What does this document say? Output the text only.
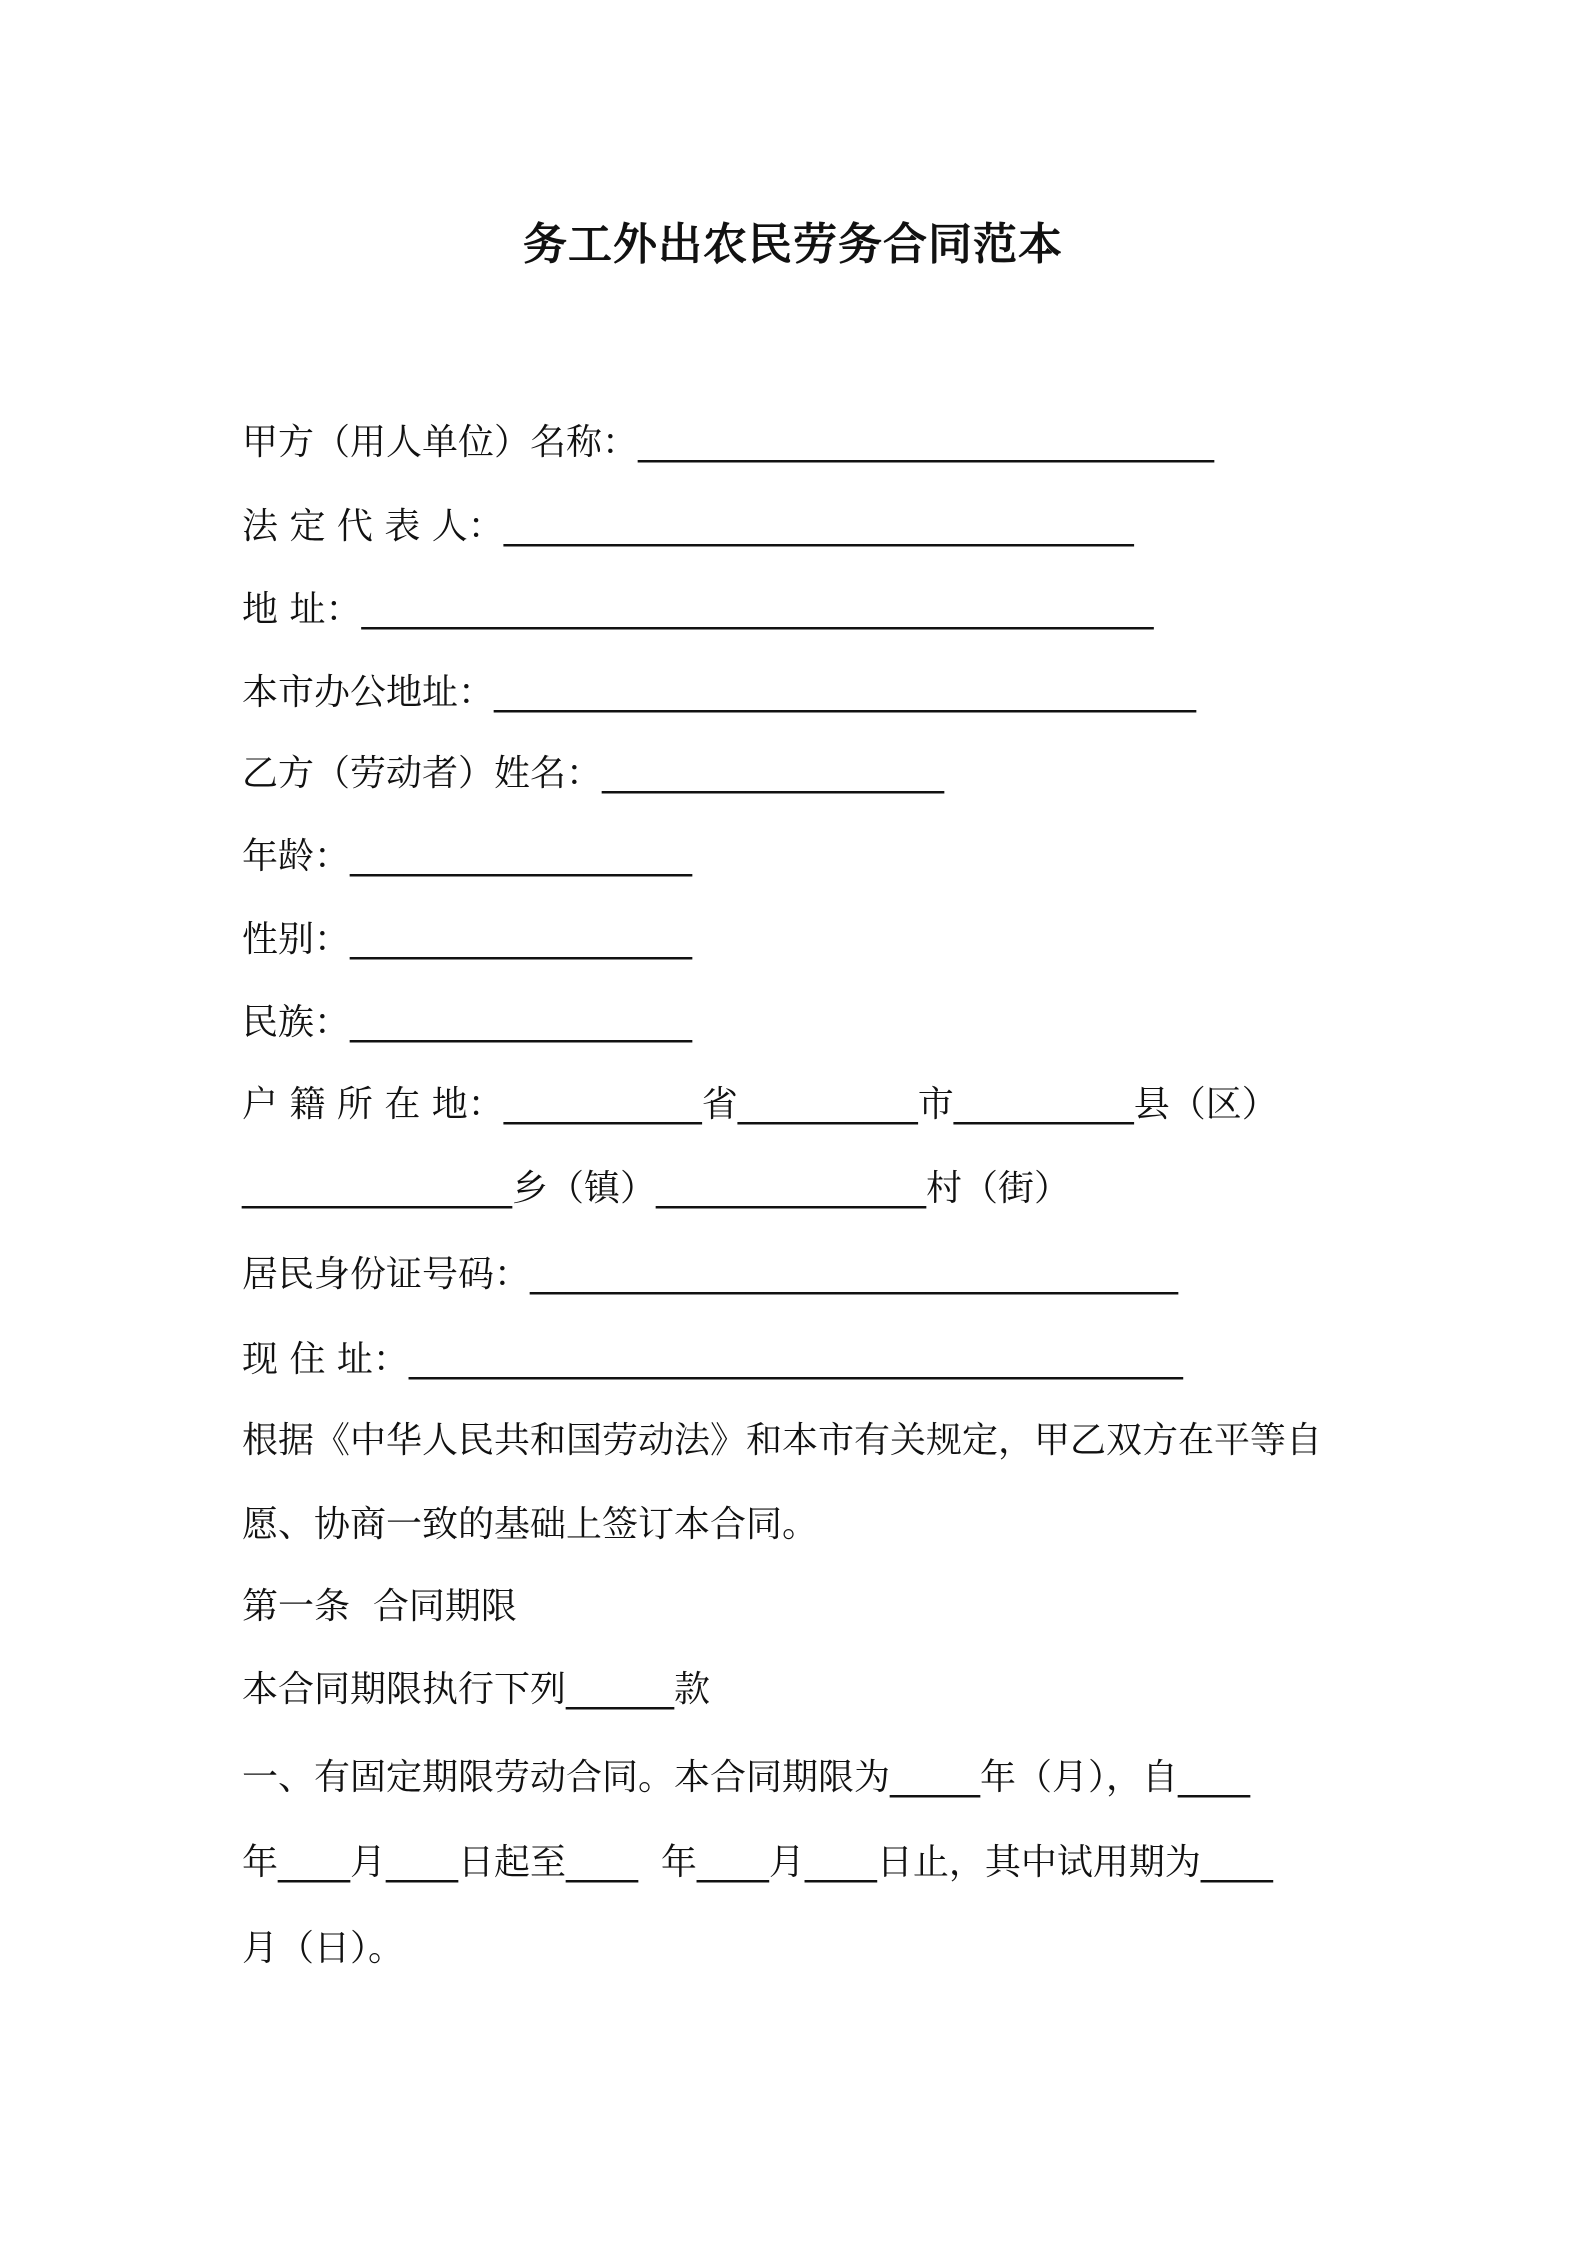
务工外出农民劳务合同范本
甲方（用人单位）名称：________________________________
法 定 代 表 人：___________________________________
地 址：____________________________________________
本市办公地址：_______________________________________
乙方（劳动者）姓名：___________________
年龄：___________________
性别：___________________
民族：___________________
户 籍 所 在 地：___________省__________市__________县（区）
_______________乡（镇）_______________村（街）
居民身份证号码：____________________________________
现 住 址：___________________________________________
根据《中华人民共和国劳动法》和本市有关规定，甲乙双方在平等自
愿、协商一致的基础上签订本合同。
第一条  合同期限
本合同期限执行下列______款
一、有固定期限劳动合同。本合同期限为_____年（月），自____
年____月____日起至____  年____月____日止，其中试用期为____
月（日）。
